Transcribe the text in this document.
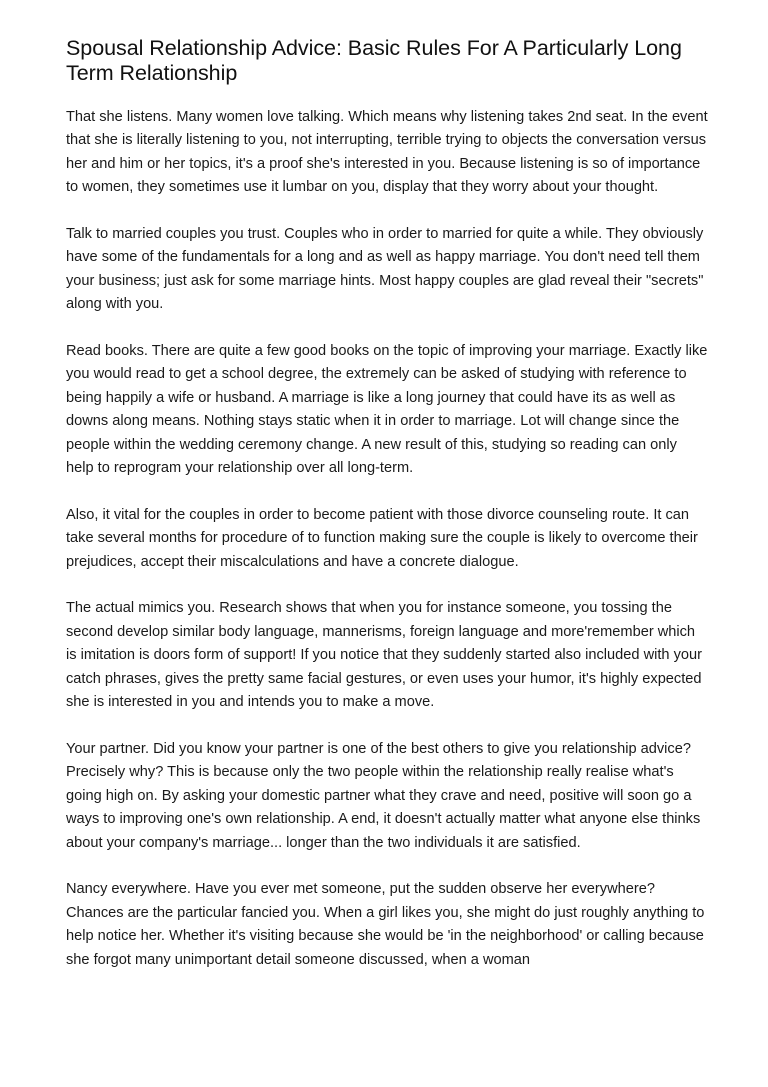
Spousal Relationship Advice: Basic Rules For A Particularly Long Term Relationship

That she listens. Many women love talking. Which means why listening takes 2nd seat. In the event that she is literally listening to you, not interrupting, terrible trying to objects the conversation versus her and him or her topics, it's a proof she's interested in you. Because listening is so of importance to women, they sometimes use it lumbar on you, display that they worry about your thought.

Talk to married couples you trust. Couples who in order to married for quite a while. They obviously have some of the fundamentals for a long and as well as happy marriage. You don't need tell them your business; just ask for some marriage hints. Most happy couples are glad reveal their "secrets" along with you.

Read books. There are quite a few good books on the topic of improving your marriage. Exactly like you would read to get a school degree, the extremely can be asked of studying with reference to being happily a wife or husband. A marriage is like a long journey that could have its as well as downs along means. Nothing stays static when it in order to marriage. Lot will change since the people within the wedding ceremony change. A new result of this, studying so reading can only help to reprogram your relationship over all long-term.

Also, it vital for the couples in order to become patient with those divorce counseling route. It can take several months for procedure of to function making sure the couple is likely to overcome their prejudices, accept their miscalculations and have a concrete dialogue.

The actual mimics you. Research shows that when you for instance someone, you tossing the second develop similar body language, mannerisms, foreign language and more'remember which is imitation is doors form of support! If you notice that they suddenly started also included with your catch phrases, gives the pretty same facial gestures, or even uses your humor, it's highly expected she is interested in you and intends you to make a move.

Your partner. Did you know your partner is one of the best others to give you relationship advice? Precisely why? This is because only the two people within the relationship really realise what's going high on. By asking your domestic partner what they crave and need, positive will soon go a ways to improving one's own relationship. A end, it doesn't actually matter what anyone else thinks about your company's marriage... longer than the two individuals it are satisfied.

Nancy everywhere. Have you ever met someone, put the sudden observe her everywhere? Chances are the particular fancied you. When a girl likes you, she might do just roughly anything to help notice her. Whether it's visiting because she would be 'in the neighborhood' or calling because she forgot many unimportant detail someone discussed, when a woman
